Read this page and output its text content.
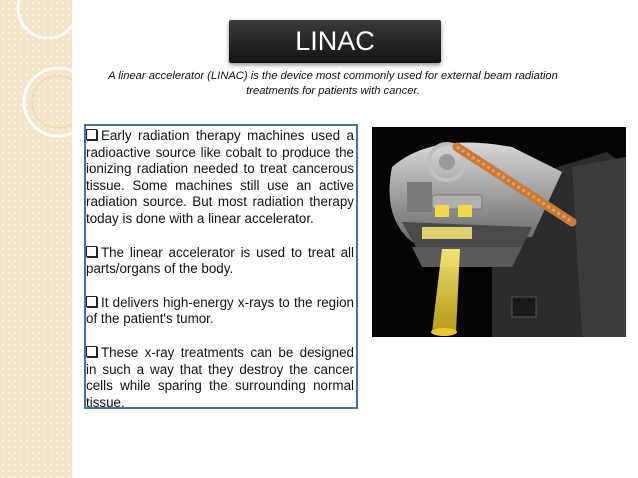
LINAC
A linear accelerator (LINAC) is the device most commonly used for external beam radiation treatments for patients with cancer.

Early radiation therapy machines used a radioactive source like cobalt to produce the ionizing radiation needed to treat cancerous tissue. Some machines still use an active radiation source. But most radiation therapy today is done with a linear accelerator.

The linear accelerator is used to treat all parts/organs of the body.

It delivers high-energy x-rays to the region of the patient's tumor.

These x-ray treatments can be designed in such a way that they destroy the cancer cells while sparing the surrounding normal tissue.
